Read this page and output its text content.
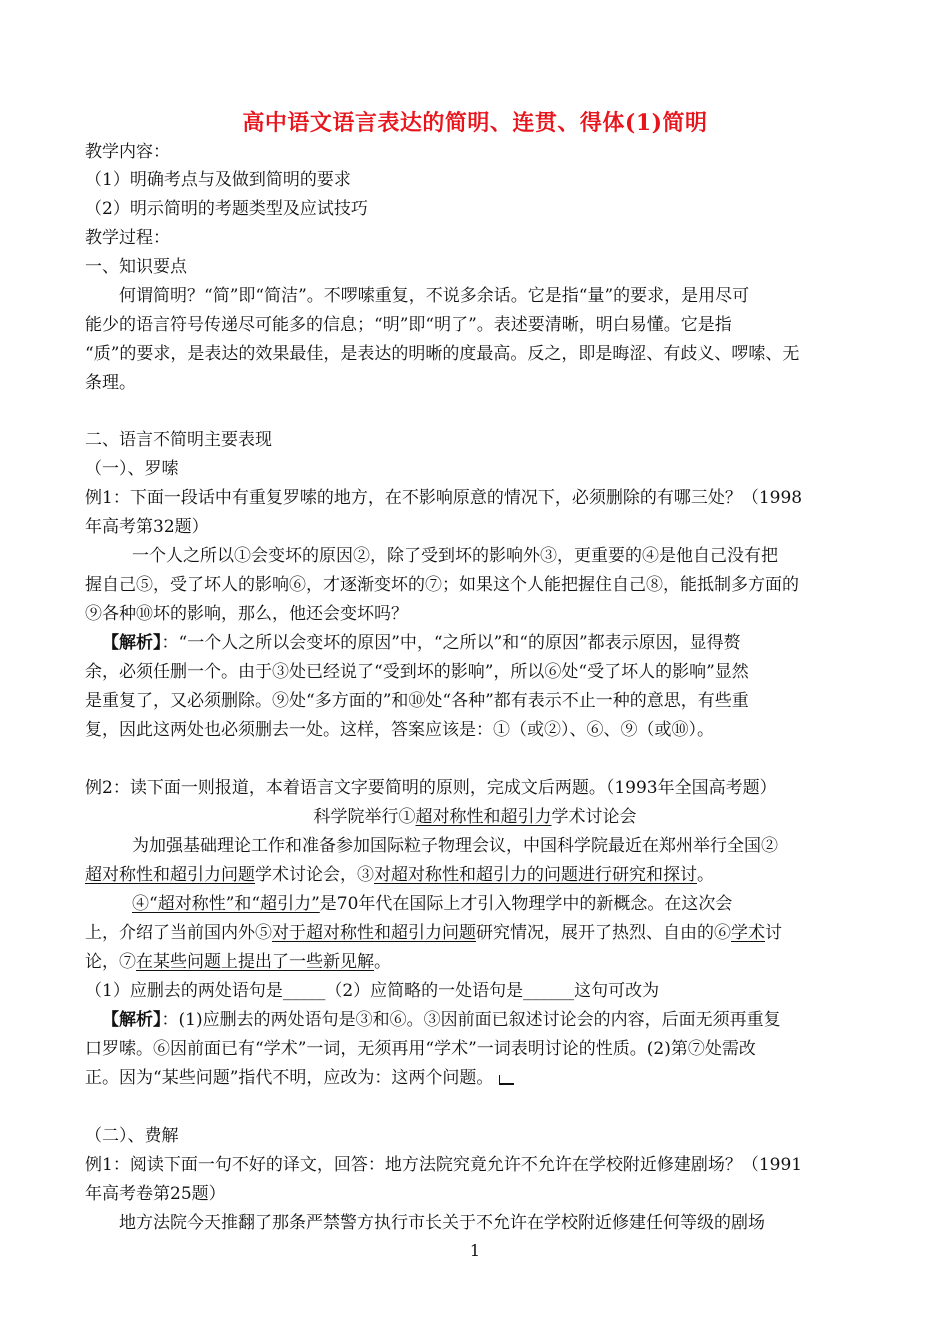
高中语文语言表达的简明、连贯、得体(1)简明
教学内容：
（1）明确考点与及做到简明的要求
（2）明示简明的考题类型及应试技巧
教学过程：
一、知识要点
何谓简明？“简”即“简洁”。不啰嗦重复，不说多余话。它是指“量”的要求，是用尽可
能少的语言符号传递尽可能多的信息；“明”即“明了”。表述要清晰，明白易懂。它是指
“质”的要求，是表达的效果最佳，是表达的明晰的度最高。反之，即是晦涩、有歧义、啰嗦、无
条理。
二、语言不简明主要表现
（一）、罗嗦
例1：下面一段话中有重复罗嗦的地方，在不影响原意的情况下，必须删除的有哪三处？（1998
年高考第32题）
一个人之所以①会变坏的原因②，除了受到坏的影响外③，更重要的④是他自己没有把
握自己⑤，受了坏人的影响⑥，才逐渐变坏的⑦；如果这个人能把握住自己⑧，能抵制多方面的
⑨各种⑩坏的影响，那么，他还会变坏吗？
【解析】：“一个人之所以会变坏的原因”中，“之所以”和“的原因”都表示原因，显得赘
余，必须任删一个。由于③处已经说了“受到坏的影响”，所以⑥处“受了坏人的影响”显然
是重复了，又必须删除。⑨处“多方面的”和⑩处“各种”都有表示不止一种的意思，有些重
复，因此这两处也必须删去一处。这样，答案应该是：①（或②）、⑥、⑨（或⑩）。
例2：读下面一则报道，本着语言文字要简明的原则，完成文后两题。（1993年全国高考题）
科学院举行①超对称性和超引力学术讨论会
为加强基础理论工作和准备参加国际粒子物理会议，中国科学院最近在郑州举行全国②
超对称性和超引力问题学术讨论会，③对超对称性和超引力的问题进行研究和探讨。
④“超对称性”和“超引力”是70年代在国际上才引入物理学中的新概念。在这次会
上，介绍了当前国内外⑤对于超对称性和超引力问题研究情况，展开了热烈、自由的⑥学术讨
论，⑦在某些问题上提出了一些新见解。
（1）应删去的两处语句是_____（2）应简略的一处语句是______这句可改为
【解析】：(1)应删去的两处语句是③和⑥。③因前面已叙述讨论会的内容，后面无须再重复
口罗嗦。⑥因前面已有“学术”一词，无须再用“学术”一词表明讨论的性质。(2)第⑦处需改
正。因为“某些问题”指代不明，应改为：这两个问题。
（二）、费解
例1：阅读下面一句不好的译文，回答：地方法院究竟允许不允许在学校附近修建剧场？（1991
年高考卷第25题）
地方法院今天推翻了那条严禁警方执行市长关于不允许在学校附近修建任何等级的剧场
1
